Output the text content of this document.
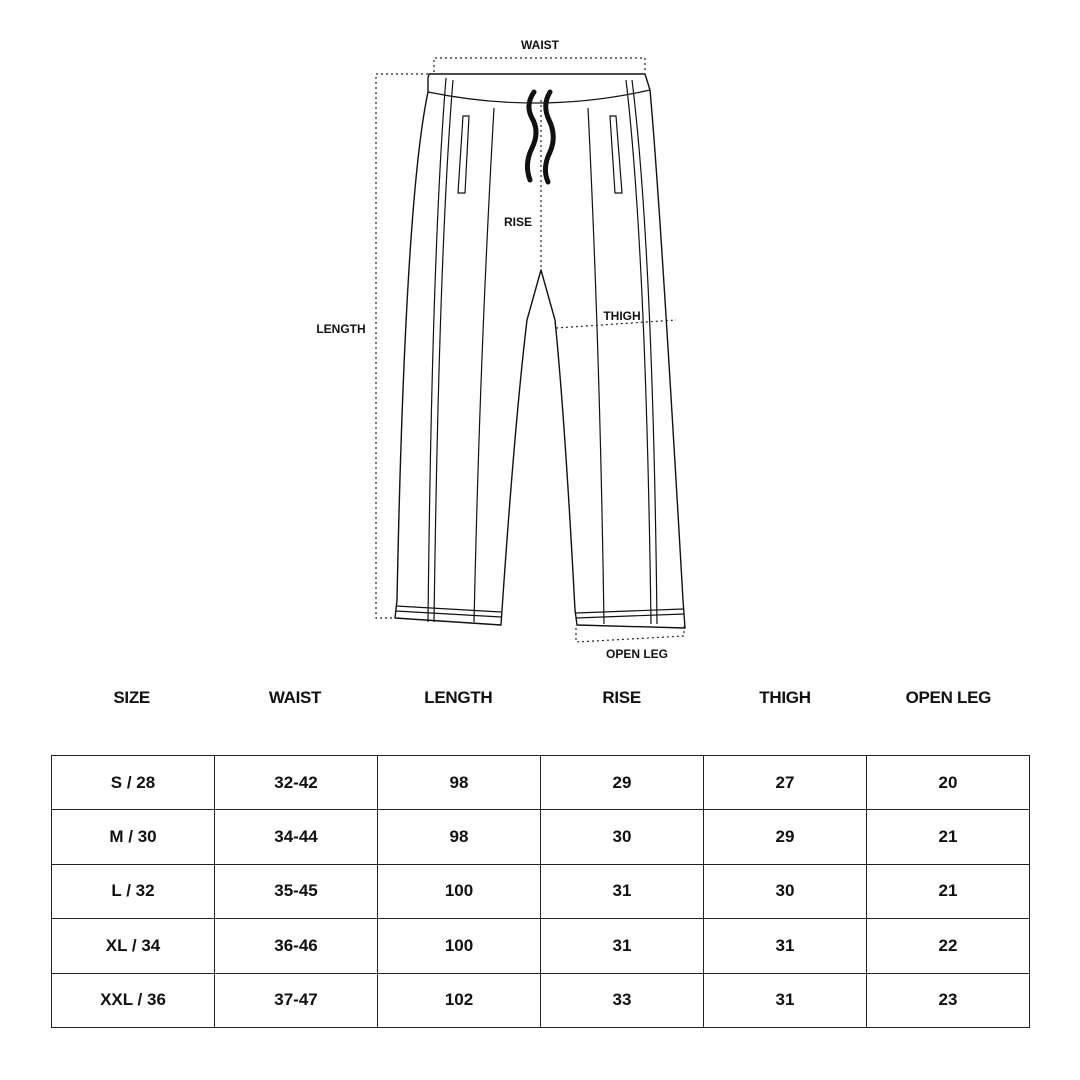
WAIST
LENGTH
RISE
THIGH
OPEN LEG
SIZE	WAIST	LENGTH	RISE	THIGH	OPEN LEG
S / 28	32-42	98	29	27	20
M / 30	34-44	98	30	29	21
L / 32	35-45	100	31	30	21
XL / 34	36-46	100	31	31	22
XXL / 36	37-47	102	33	31	23
